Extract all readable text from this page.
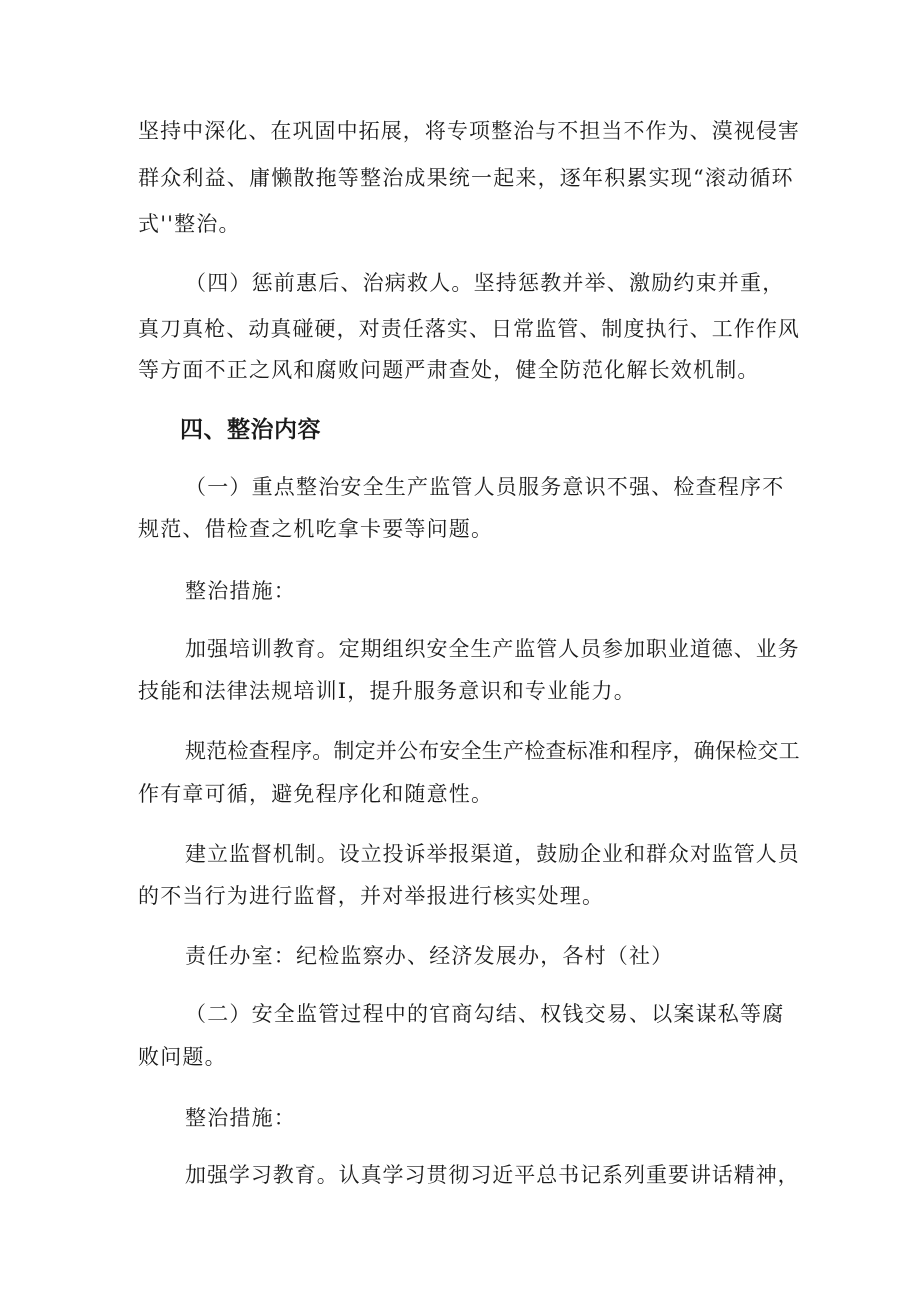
坚持中深化、在巩固中拓展，将专项整治与不担当不作为、漠视侵害
群众利益、庸懒散拖等整治成果统一起来，逐年积累实现“滚动循环
式''整治。
（四）惩前惠后、治病救人。坚持惩教并举、激励约束并重，
真刀真枪、动真碰硬，对责任落实、日常监管、制度执行、工作作风
等方面不正之风和腐败问题严肃查处，健全防范化解长效机制。
四、整治内容
（一）重点整治安全生产监管人员服务意识不强、检查程序不
规范、借检查之机吃拿卡要等问题。
整治措施：
加强培训教育。定期组织安全生产监管人员参加职业道德、业务
技能和法律法规培训I，提升服务意识和专业能力。
规范检查程序。制定并公布安全生产检查标准和程序，确保检交工
作有章可循，避免程序化和随意性。
建立监督机制。设立投诉举报渠道，鼓励企业和群众对监管人员
的不当行为进行监督，并对举报进行核实处理。
责任办室：纪检监察办、经济发展办，各村（社）
（二）安全监管过程中的官商勾结、权钱交易、以案谋私等腐
败问题。
整治措施：
加强学习教育。认真学习贯彻习近平总书记系列重要讲话精神，
